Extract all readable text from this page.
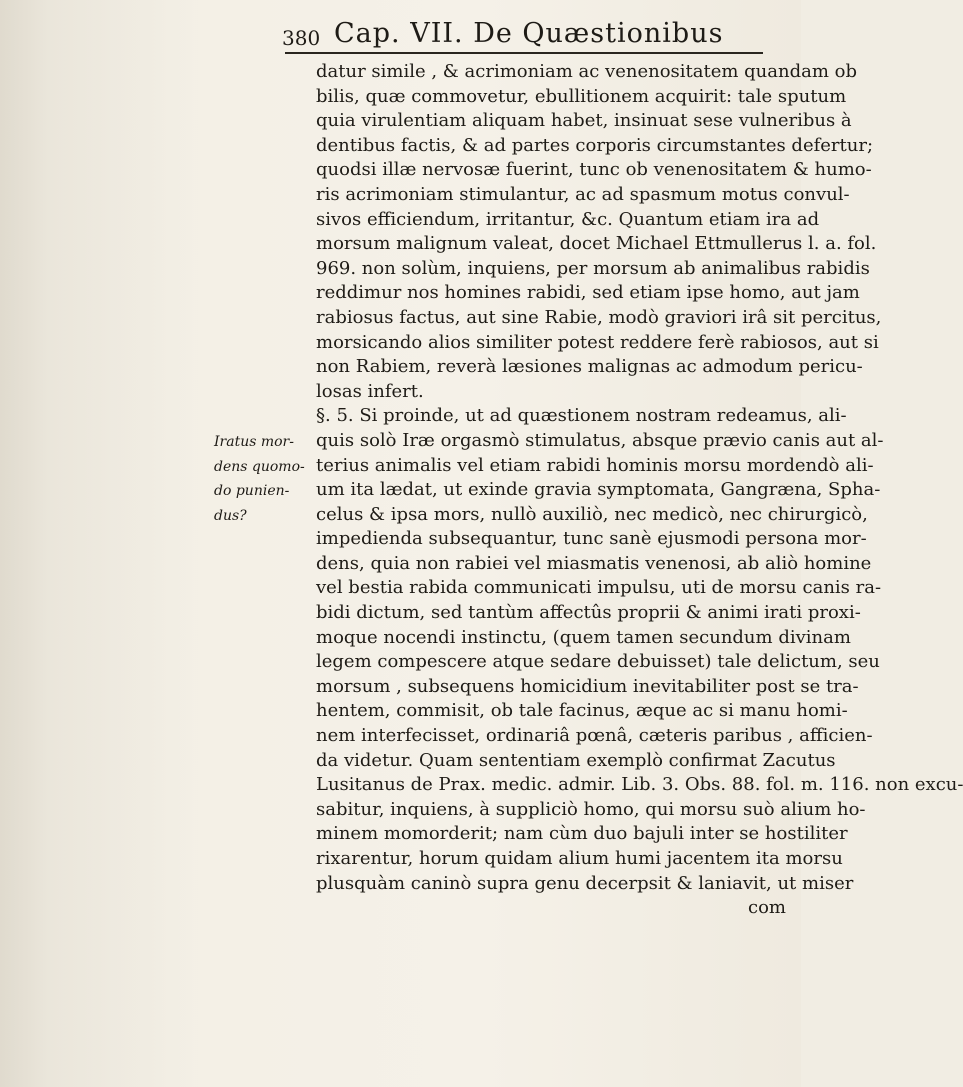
380 Cap. VII. De Quæstionibus
Iratus mor-
dens quomo-
do punien-
dus?
datur simile , & acrimoniam ac venenositatem quandam ob
bilis, quæ commovetur, ebullitionem acquirit: tale sputum
quia virulentiam aliquam habet, insinuat sese vulneribus à
dentibus factis, & ad partes corporis circumstantes defertur;
quodsi illæ nervosæ fuerint, tunc ob venenositatem & humo-
ris acrimoniam stimulantur, ac ad spasmum motus convul-
sivos efficiendum, irritantur, &c. Quantum etiam ira ad
morsum malignum valeat, docet Michael Ettmullerus l. a. fol.
969. non solùm, inquiens, per morsum ab animalibus rabidis
reddimur nos homines rabidi, sed etiam ipse homo, aut jam
rabiosus factus, aut sine Rabie, modò graviori irâ sit percitus,
morsicando alios similiter potest reddere ferè rabiosos, aut si
non Rabiem, reverà læsiones malignas ac admodum pericu-
losas infert.
§. 5. Si proinde, ut ad quæstionem nostram redeamus, ali-
quis solò Iræ orgasmò stimulatus, absque prævio canis aut al-
terius animalis vel etiam rabidi hominis morsu mordendò ali-
um ita lædat, ut exinde gravia symptomata, Gangræna, Spha-
celus & ipsa mors, nullò auxiliò, nec medicò, nec chirurgicò,
impedienda subsequantur, tunc sanè ejusmodi persona mor-
dens, quia non rabiei vel miasmatis venenosi, ab aliò homine
vel bestia rabida communicati impulsu, uti de morsu canis ra-
bidi dictum, sed tantùm affectûs proprii & animi irati proxi-
moque nocendi instinctu, (quem tamen secundum divinam
legem compescere atque sedare debuisset) tale delictum, seu
morsum , subsequens homicidium inevitabiliter post se tra-
hentem, commisit, ob tale facinus, æque ac si manu homi-
nem interfecisset, ordinariâ pœnâ, cæteris paribus , afficien-
da videtur. Quam sententiam exemplò confirmat Zacutus
Lusitanus de Prax. medic. admir. Lib. 3. Obs. 88. fol. m. 116. non excu-
sabitur, inquiens, à suppliciò homo, qui morsu suò alium ho-
minem momorderit; nam cùm duo bajuli inter se hostiliter
rixarentur, horum quidam alium humi jacentem ita morsu
plusquàm caninò supra genu decerpsit & laniavit, ut miser
com
